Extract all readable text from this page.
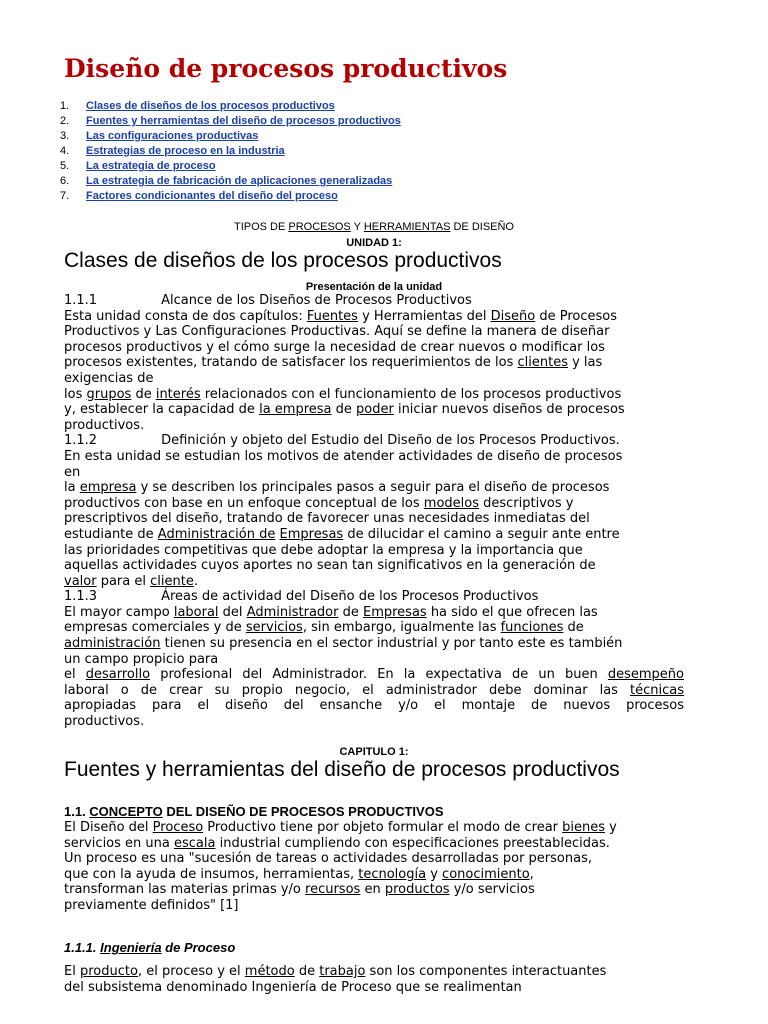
Diseño de procesos productivos
1. Clases de diseños de los procesos productivos
2. Fuentes y herramientas del diseño de procesos productivos
3. Las configuraciones productivas
4. Estrategias de proceso en la industria
5. La estrategia de proceso
6. La estrategia de fabricación de aplicaciones generalizadas
7. Factores condicionantes del diseño del proceso
TIPOS DE PROCESOS Y HERRAMIENTAS DE DISEÑO
UNIDAD 1:
Clases de diseños de los procesos productivos
Presentación de la unidad
1.1.1	Alcance de los Diseños de Procesos Productivos
Esta unidad consta de dos capítulos: Fuentes y Herramientas del Diseño de Procesos
Productivos y Las Configuraciones Productivas. Aquí se define la manera de diseñar
procesos productivos y el cómo surge la necesidad de crear nuevos o modificar los
procesos existentes, tratando de satisfacer los requerimientos de los clientes y las
exigencias de
los grupos de interés relacionados con el funcionamiento de los procesos productivos
y, establecer la capacidad de la empresa de poder iniciar nuevos diseños de procesos
productivos.
1.1.2	Definición y objeto del Estudio del Diseño de los Procesos Productivos.
En esta unidad se estudian los motivos de atender actividades de diseño de procesos
en
la empresa y se describen los principales pasos a seguir para el diseño de procesos
productivos con base en un enfoque conceptual de los modelos descriptivos y
prescriptivos del diseño, tratando de favorecer unas necesidades inmediatas del
estudiante de Administración de Empresas de dilucidar el camino a seguir ante entre
las prioridades competitivas que debe adoptar la empresa y la importancia que
aquellas actividades cuyos aportes no sean tan significativos en la generación de
valor para el cliente.
1.1.3	Áreas de actividad del Diseño de los Procesos Productivos
El mayor campo laboral del Administrador de Empresas ha sido el que ofrecen las
empresas comerciales y de servicios, sin embargo, igualmente las funciones de
administración tienen su presencia en el sector industrial y por tanto este es también
un campo propicio para
el desarrollo profesional del Administrador. En la expectativa de un buen desempeño
laboral o de crear su propio negocio, el administrador debe dominar las técnicas
apropiadas para el diseño del ensanche y/o el montaje de nuevos procesos
productivos.
CAPITULO 1:
Fuentes y herramientas del diseño de procesos productivos
1.1. CONCEPTO DEL DISEÑO DE PROCESOS PRODUCTIVOS
El Diseño del Proceso Productivo tiene por objeto formular el modo de crear bienes y
servicios en una escala industrial cumpliendo con especificaciones preestablecidas.
Un proceso es una "sucesión de tareas o actividades desarrolladas por personas,
que con la ayuda de insumos, herramientas, tecnología y conocimiento,
transforman las materias primas y/o recursos en productos y/o servicios
previamente definidos" [1]
1.1.1. Ingeniería de Proceso
El producto, el proceso y el método de trabajo son los componentes interactuantes
del subsistema denominado Ingeniería de Proceso que se realimentan
